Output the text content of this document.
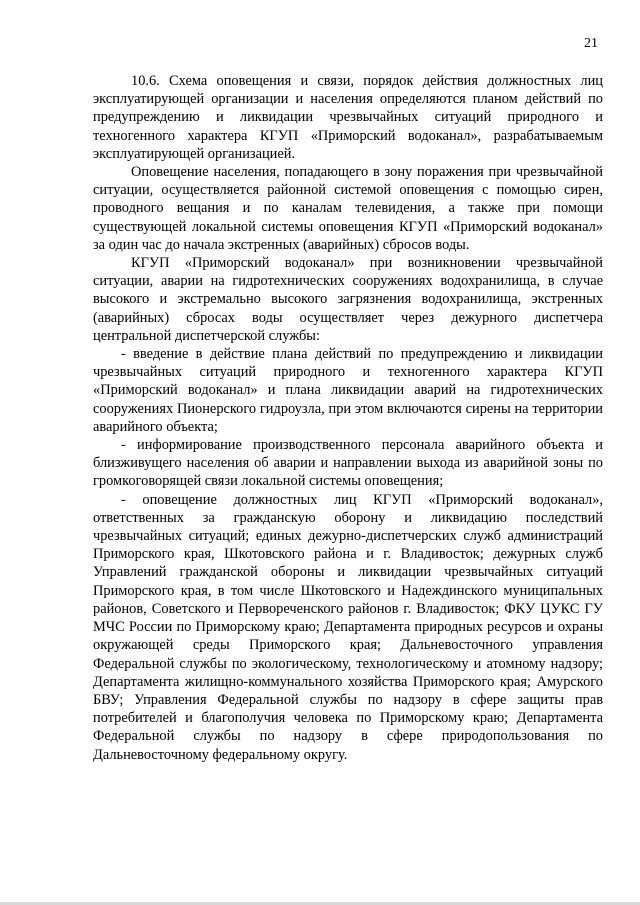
21

10.6. Схема оповещения и связи, порядок действия должностных лиц эксплуатирующей организации и населения определяются планом действий по предупреждению и ликвидации чрезвычайных ситуаций природного и техногенного характера КГУП «Приморский водоканал», разрабатываемым эксплуатирующей организацией.

Оповещение населения, попадающего в зону поражения при чрезвычайной ситуации, осуществляется районной системой оповещения с помощью сирен, проводного вещания и по каналам телевидения, а также при помощи существующей локальной системы оповещения КГУП «Приморский водоканал» за один час до начала экстренных (аварийных) сбросов воды.

КГУП «Приморский водоканал» при возникновении чрезвычайной ситуации, аварии на гидротехнических сооружениях водохранилища, в случае высокого и экстремально высокого загрязнения водохранилища, экстренных (аварийных) сбросах воды осуществляет через дежурного диспетчера центральной диспетчерской службы:

- введение в действие плана действий по предупреждению и ликвидации чрезвычайных ситуаций природного и техногенного характера КГУП «Приморский водоканал» и плана ликвидации аварий на гидротехнических сооружениях Пионерского гидроузла, при этом включаются сирены на территории аварийного объекта;

- информирование производственного персонала аварийного объекта и близживущего населения об аварии и направлении выхода из аварийной зоны по громкоговорящей связи локальной системы оповещения;

- оповещение должностных лиц КГУП «Приморский водоканал», ответственных за гражданскую оборону и ликвидацию последствий чрезвычайных ситуаций; единых дежурно-диспетчерских служб администраций Приморского края, Шкотовского района и г. Владивосток; дежурных служб Управлений гражданской обороны и ликвидации чрезвычайных ситуаций Приморского края, в том числе Шкотовского и Надеждинского муниципальных районов, Советского и Первореченского районов г. Владивосток; ФКУ ЦУКС ГУ МЧС России по Приморскому краю; Департамента природных ресурсов и охраны окружающей среды Приморского края; Дальневосточного управления Федеральной службы по экологическому, технологическому и атомному надзору; Департамента жилищно-коммунального хозяйства Приморского края; Амурского БВУ; Управления Федеральной службы по надзору в сфере защиты прав потребителей и благополучия человека по Приморскому краю; Департамента Федеральной службы по надзору в сфере природопользования по Дальневосточному федеральному округу.
